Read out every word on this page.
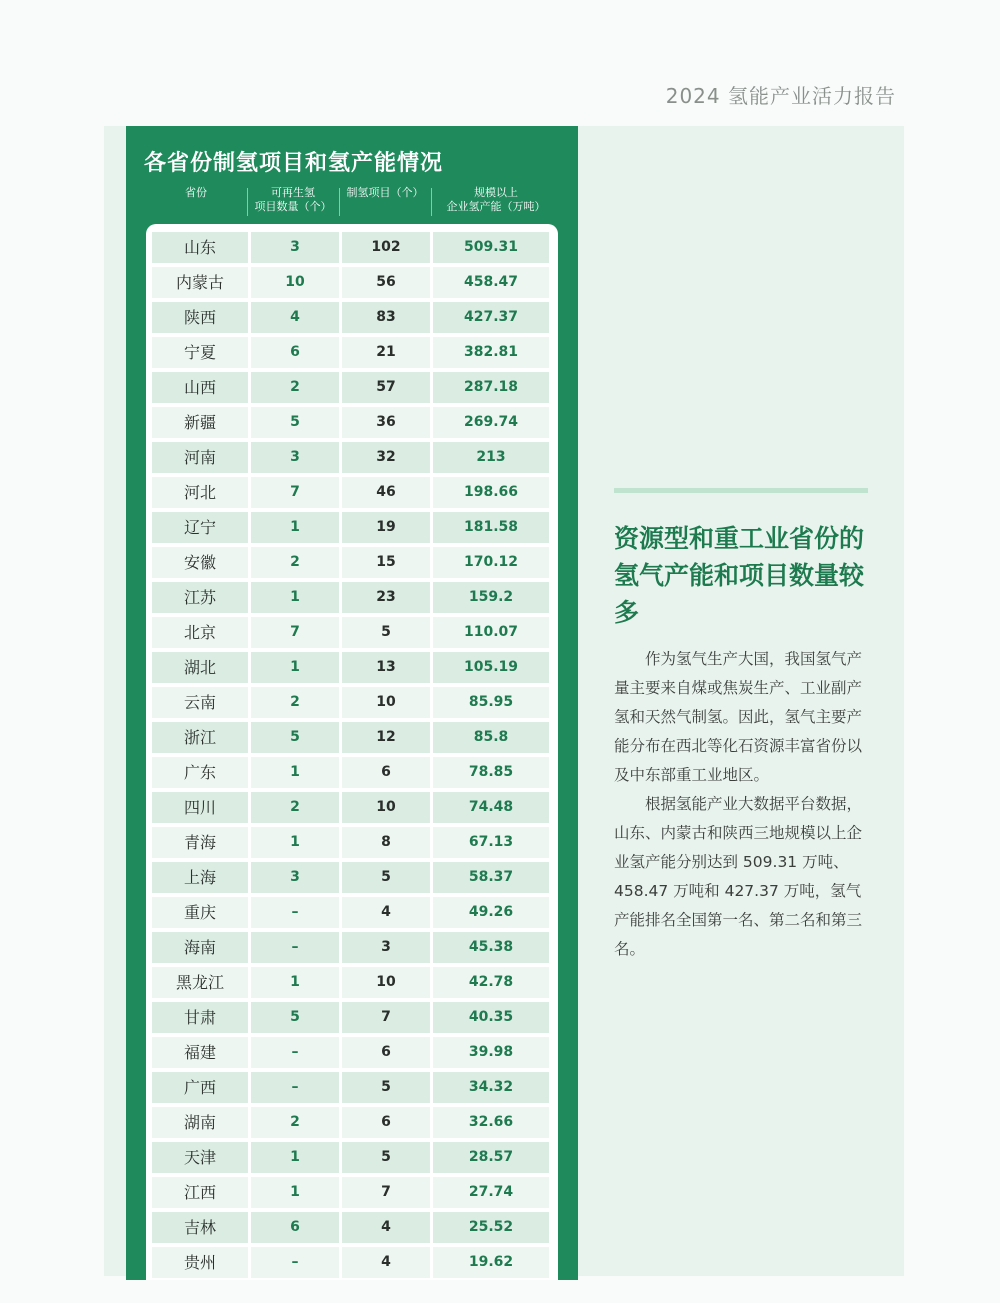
2024 氢能产业活力报告
各省份制氢项目和氢产能情况
省份	可再生氢
项目数量（个）
制氢项目（个）	规模以上
企业氢产能（万吨）
山东	3	102	509.31
内蒙古	10	56	458.47
陕西	4	83	427.37
宁夏	6	21	382.81
山西	2	57	287.18
新疆	5	36	269.74
河南	3	32	213
河北	7	46	198.66
辽宁	1	19	181.58
安徽	2	15	170.12
江苏	1	23	159.2
北京	7	5	110.07
湖北	1	13	105.19
云南	2	10	85.95
浙江	5	12	85.8
广东	1	6	78.85
四川	2	10	74.48
青海	1	8	67.13
上海	3	5	58.37
重庆	–	4	49.26
海南	–	3	45.38
黑龙江	1	10	42.78
甘肃	5	7	40.35
福建	–	6	39.98
广西	–	5	34.32
湖南	2	6	32.66
天津	1	5	28.57
江西	1	7	27.74
吉林	6	4	25.52
贵州	–	4	19.62
资源型和重工业省份的氢气产能和项目数量较多

作为氢气生产大国，我国氢气产量主要来自煤或焦炭生产、工业副产氢和天然气制氢。因此，氢气主要产能分布在西北等化石资源丰富省份以及中东部重工业地区。

根据氢能产业大数据平台数据，山东、内蒙古和陕西三地规模以上企业氢产能分别达到 509.31 万吨、458.47 万吨和 427.37 万吨，氢气产能排名全国第一名、第二名和第三名。
